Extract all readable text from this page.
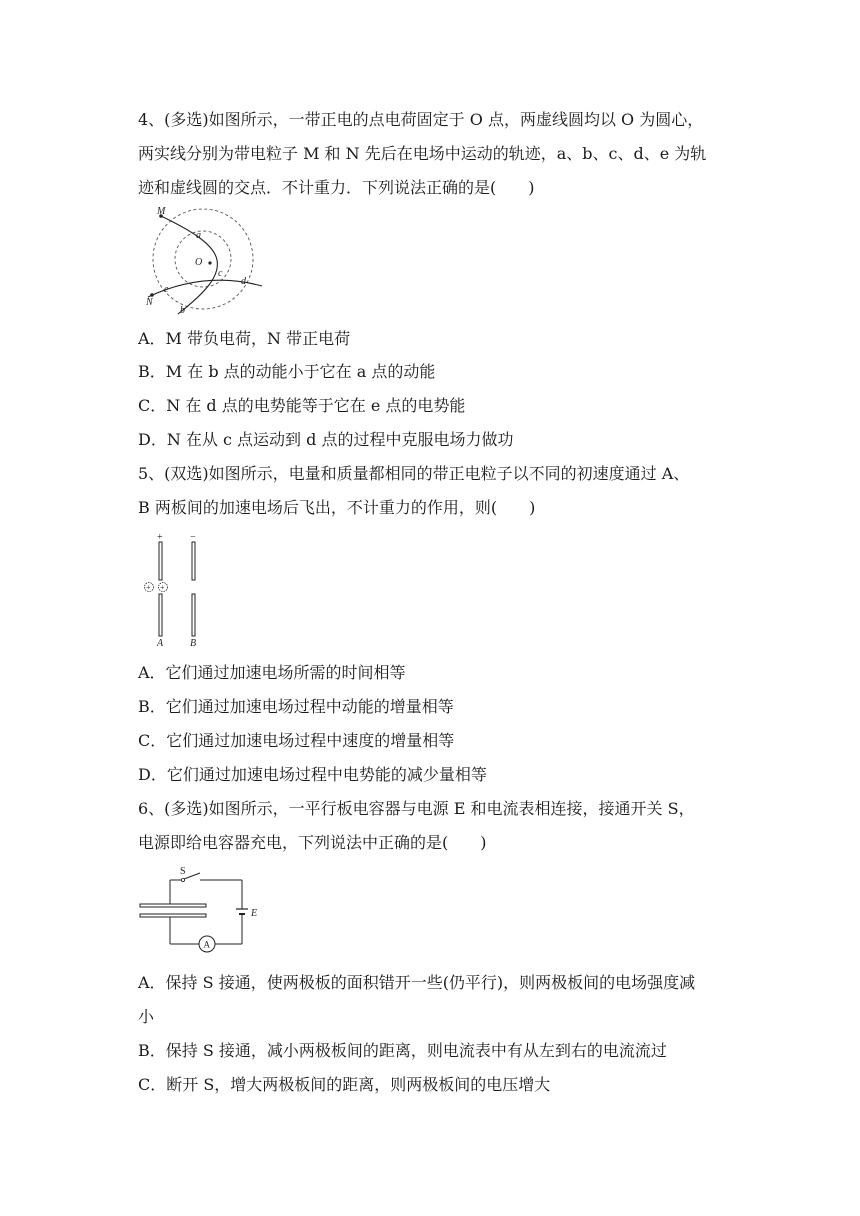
4、(多选)如图所示，一带正电的点电荷固定于 O 点，两虚线圆均以 O 为圆心，
两实线分别为带电粒子 M 和 N 先后在电场中运动的轨迹，a、b、c、d、e 为轨
迹和虚线圆的交点．不计重力．下列说法正确的是(　　)
M
N
O
a
b
c
d
e
A．M 带负电荷，N 带正电荷
B．M 在 b 点的动能小于它在 a 点的动能
C．N 在 d 点的电势能等于它在 e 点的电势能
D．N 在从 c 点运动到 d 点的过程中克服电场力做功
5、(双选)如图所示，电量和质量都相同的带正电粒子以不同的初速度通过 A、
B 两板间的加速电场后飞出，不计重力的作用，则(　　)
+	−
+ +
A	B
A．它们通过加速电场所需的时间相等
B．它们通过加速电场过程中动能的增量相等
C．它们通过加速电场过程中速度的增量相等
D．它们通过加速电场过程中电势能的减少量相等
6、(多选)如图所示，一平行板电容器与电源 E 和电流表相连接，接通开关 S，
电源即给电容器充电，下列说法中正确的是(　　)
S
A
E
A．保持 S 接通，使两极板的面积错开一些(仍平行)，则两极板间的电场强度减
小
B．保持 S 接通，减小两极板间的距离，则电流表中有从左到右的电流流过
C．断开 S，增大两极板间的距离，则两极板间的电压增大
